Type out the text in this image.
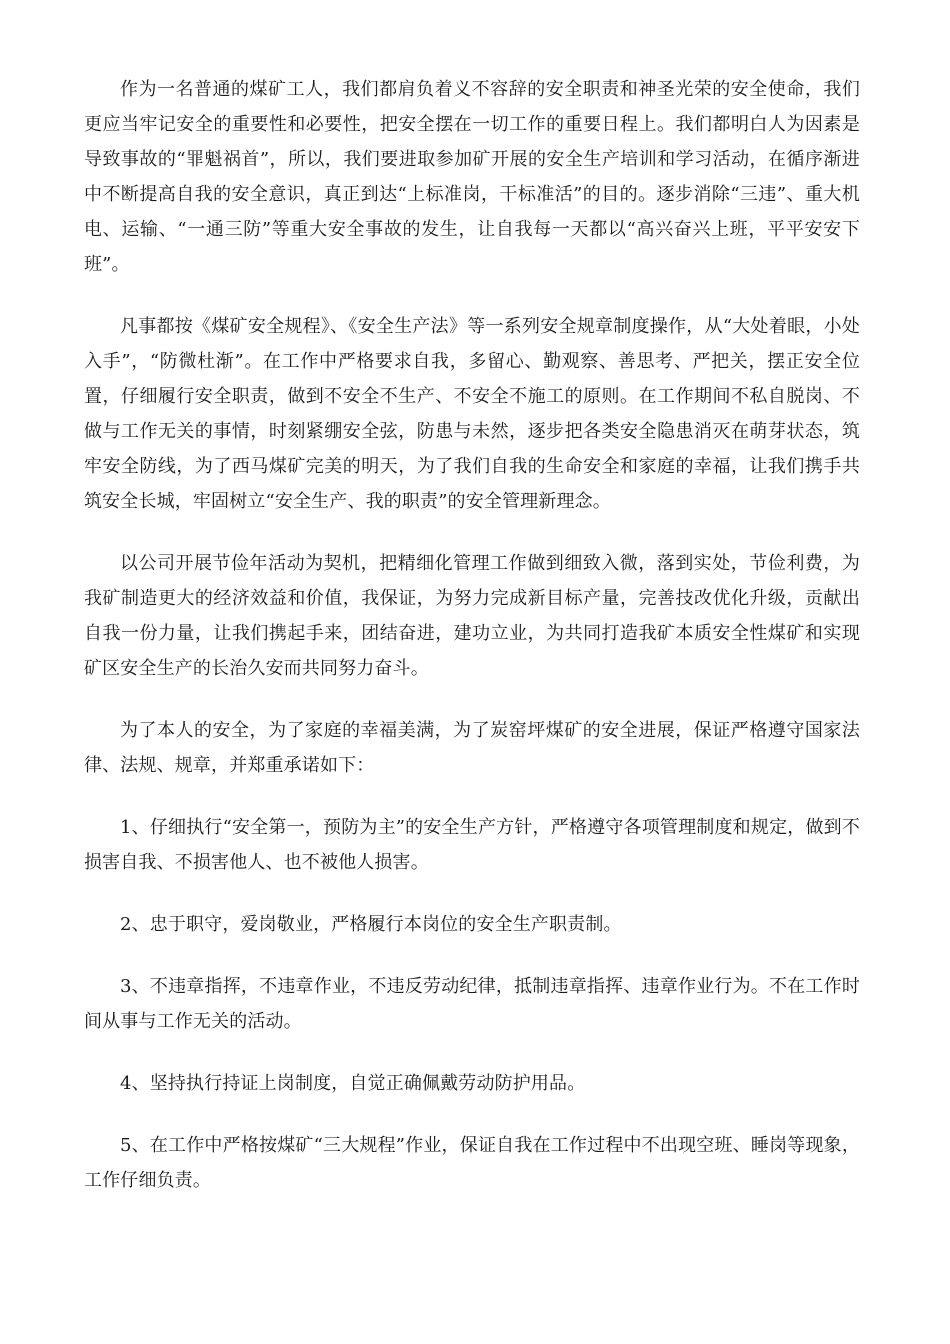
作为一名普通的煤矿工人，我们都肩负着义不容辞的安全职责和神圣光荣的安全使命，我们更应当牢记安全的重要性和必要性，把安全摆在一切工作的重要日程上。我们都明白人为因素是导致事故的“罪魁祸首”，所以，我们要进取参加矿开展的安全生产培训和学习活动，在循序渐进中不断提高自我的安全意识，真正到达“上标准岗，干标准活”的目的。逐步消除“三违”、重大机电、运输、“一通三防”等重大安全事故的发生，让自我每一天都以“高兴奋兴上班，平平安安下班”。

凡事都按《煤矿安全规程》、《安全生产法》等一系列安全规章制度操作，从“大处着眼，小处入手”，“防微杜渐”。在工作中严格要求自我，多留心、勤观察、善思考、严把关，摆正安全位置，仔细履行安全职责，做到不安全不生产、不安全不施工的原则。在工作期间不私自脱岗、不做与工作无关的事情，时刻紧绷安全弦，防患与未然，逐步把各类安全隐患消灭在萌芽状态，筑牢安全防线，为了西马煤矿完美的明天，为了我们自我的生命安全和家庭的幸福，让我们携手共筑安全长城，牢固树立“安全生产、我的职责”的安全管理新理念。

以公司开展节俭年活动为契机，把精细化管理工作做到细致入微，落到实处，节俭利费，为我矿制造更大的经济效益和价值，我保证，为努力完成新目标产量，完善技改优化升级，贡献出自我一份力量，让我们携起手来，团结奋进，建功立业，为共同打造我矿本质安全性煤矿和实现矿区安全生产的长治久安而共同努力奋斗。

为了本人的安全，为了家庭的幸福美满，为了炭窑坪煤矿的安全进展，保证严格遵守国家法律、法规、规章，并郑重承诺如下：

1、仔细执行“安全第一，预防为主”的安全生产方针，严格遵守各项管理制度和规定，做到不损害自我、不损害他人、也不被他人损害。

2、忠于职守，爱岗敬业，严格履行本岗位的安全生产职责制。

3、不违章指挥，不违章作业，不违反劳动纪律，抵制违章指挥、违章作业行为。不在工作时间从事与工作无关的活动。

4、坚持执行持证上岗制度，自觉正确佩戴劳动防护用品。

5、在工作中严格按煤矿“三大规程”作业，保证自我在工作过程中不出现空班、睡岗等现象，工作仔细负责。
